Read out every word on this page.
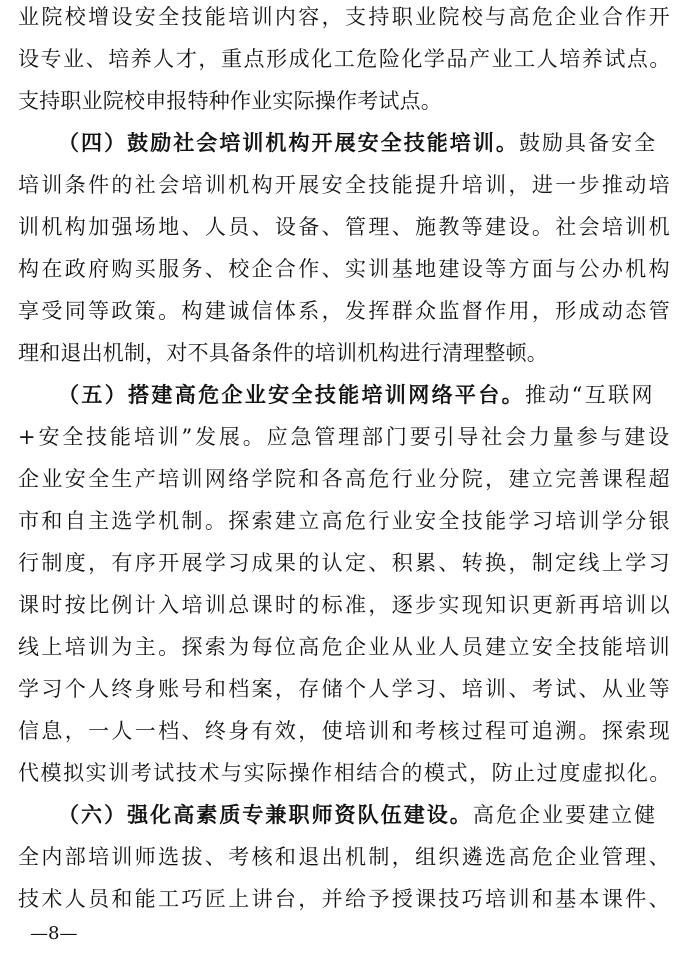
业院校增设安全技能培训内容，支持职业院校与高危企业合作开
设专业、培养人才，重点形成化工危险化学品产业工人培养试点。
支持职业院校申报特种作业实际操作考试点。
（四）鼓励社会培训机构开展安全技能培训。鼓励具备安全
培训条件的社会培训机构开展安全技能提升培训，进一步推动培
训机构加强场地、人员、设备、管理、施教等建设。社会培训机
构在政府购买服务、校企合作、实训基地建设等方面与公办机构
享受同等政策。构建诚信体系，发挥群众监督作用，形成动态管
理和退出机制，对不具备条件的培训机构进行清理整顿。
（五）搭建高危企业安全技能培训网络平台。推动“互联网
+安全技能培训”发展。应急管理部门要引导社会力量参与建设
企业安全生产培训网络学院和各高危行业分院，建立完善课程超
市和自主选学机制。探索建立高危行业安全技能学习培训学分银
行制度，有序开展学习成果的认定、积累、转换，制定线上学习
课时按比例计入培训总课时的标准，逐步实现知识更新再培训以
线上培训为主。探索为每位高危企业从业人员建立安全技能培训
学习个人终身账号和档案，存储个人学习、培训、考试、从业等
信息，一人一档、终身有效，使培训和考核过程可追溯。探索现
代模拟实训考试技术与实际操作相结合的模式，防止过度虚拟化。
（六）强化高素质专兼职师资队伍建设。高危企业要建立健
全内部培训师选拔、考核和退出机制，组织遴选高危企业管理、
技术人员和能工巧匠上讲台，并给予授课技巧培训和基本课件、
—8—
